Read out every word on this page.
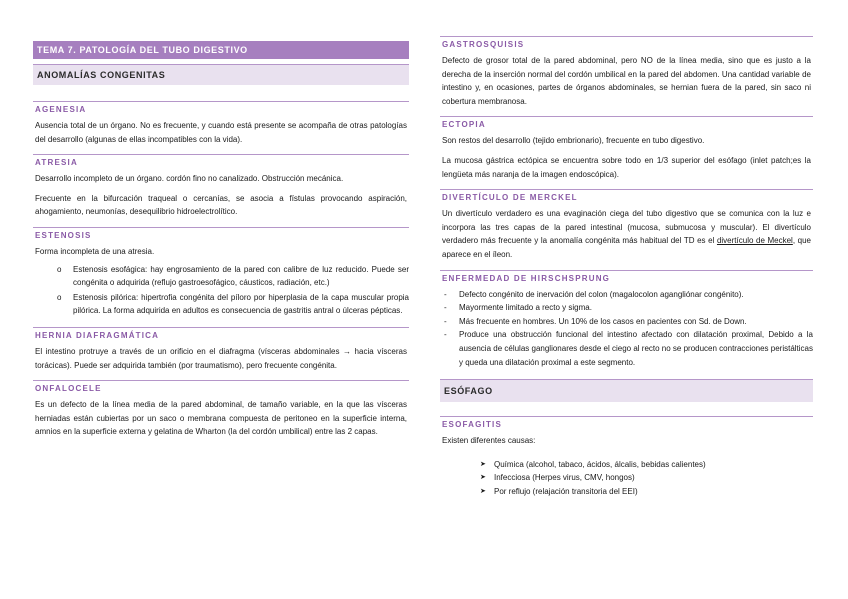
TEMA 7. PATOLOGÍA DEL TUBO DIGESTIVO
ANOMALÍAS CONGENITAS
AGENESIA
Ausencia total de un órgano. No es frecuente, y cuando está presente se acompaña de otras patologías del desarrollo (algunas de ellas incompatibles con la vida).
ATRESIA
Desarrollo incompleto de un órgano. cordón fino no canalizado. Obstrucción mecánica.
Frecuente en la bifurcación traqueal o cercanías, se asocia a fístulas provocando aspiración, ahogamiento, neumonías, desequilibrio hidroelectrolítico.
ESTENOSIS
Forma incompleta de una atresia.
o Estenosis esofágica: hay engrosamiento de la pared con calibre de luz reducido. Puede ser congénita o adquirida (reflujo gastroesofágico, cáusticos, radiación, etc.)
o Estenosis pilórica: hipertrofia congénita del píloro por hiperplasia de la capa muscular propia pilórica. La forma adquirida en adultos es consecuencia de gastritis antral o úlceras pépticas.
HERNIA DIAFRAGMÁTICA
El intestino protruye a través de un orificio en el diafragma (vísceras abdominales → hacia vísceras torácicas). Puede ser adquirida también (por traumatismo), pero frecuente congénita.
ONFALOCELE
Es un defecto de la línea media de la pared abdominal, de tamaño variable, en la que las vísceras herniadas están cubiertas por un saco o membrana compuesta de peritoneo en la superficie interna, amnios en la superficie externa y gelatina de Wharton (la del cordón umbilical) entre las 2 capas.
GASTROSQUISIS
Defecto de grosor total de la pared abdominal, pero NO de la línea media, sino que es justo a la derecha de la inserción normal del cordón umbilical en la pared del abdomen. Una cantidad variable de intestino y, en ocasiones, partes de órganos abdominales, se hernian fuera de la pared, sin saco ni cobertura membranosa.
ECTOPIA
Son restos del desarrollo (tejido embrionario), frecuente en tubo digestivo.
La mucosa gástrica ectópica se encuentra sobre todo en 1/3 superior del esófago (inlet patch;es la lengüeta más naranja de la imagen endoscópica).
DIVERTÍCULO DE MERCKEL
Un divertículo verdadero es una evaginación ciega del tubo digestivo que se comunica con la luz e incorpora las tres capas de la pared intestinal (mucosa, submucosa y muscular). El divertículo verdadero más frecuente y la anomalía congénita más habitual del TD es el divertículo de Meckel, que aparece en el íleon.
ENFERMEDAD DE HIRSCHSPRUNG
- Defecto congénito de inervación del colon (magalocolon agangliónar congénito).
- Mayormente limitado a recto y sigma.
- Más frecuente en hombres. Un 10% de los casos en pacientes con Sd. de Down.
- Produce una obstrucción funcional del intestino afectado con dilatación proximal, Debido a la ausencia de células ganglionares desde el ciego al recto no se producen contracciones peristálticas y queda una dilatación proximal a este segmento.
ESÓFAGO
ESOFAGITIS
Existen diferentes causas:
➤ Química (alcohol, tabaco, ácidos, álcalis, bebidas calientes)
➤ Infecciosa (Herpes virus, CMV, hongos)
➤ Por reflujo (relajación transitoria del EEI)
